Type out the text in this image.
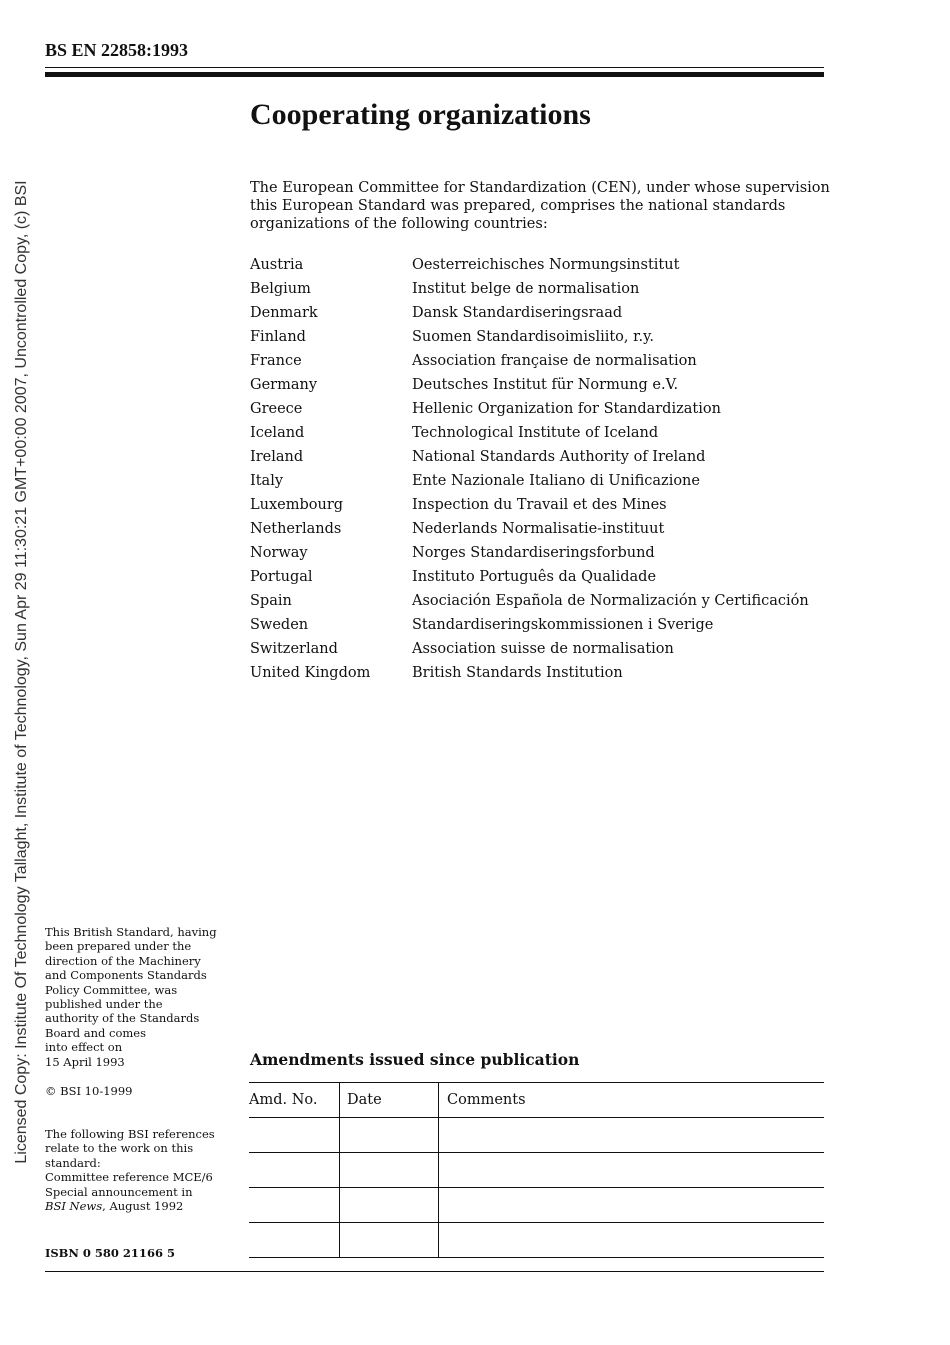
Licensed Copy: Institute Of Technology Tallaght, Institute of Technology, Sun Apr 29 11:30:21 GMT+00:00 2007, Uncontrolled Copy, (c) BSI
BS EN 22858:1993
Cooperating organizations

The European Committee for Standardization (CEN), under whose supervision this European Standard was prepared, comprises the national standards organizations of the following countries:

Austria	Oesterreichisches Normungsinstitut
Belgium	Institut belge de normalisation
Denmark	Dansk Standardiseringsraad
Finland	Suomen Standardisoimisliito, r.y.
France	Association française de normalisation
Germany	Deutsches Institut für Normung e.V.
Greece	Hellenic Organization for Standardization
Iceland	Technological Institute of Iceland
Ireland	National Standards Authority of Ireland
Italy	Ente Nazionale Italiano di Unificazione
Luxembourg	Inspection du Travail et des Mines
Netherlands	Nederlands Normalisatie-instituut
Norway	Norges Standardiseringsforbund
Portugal	Instituto Português da Qualidade
Spain	Asociación Española de Normalización y Certificación
Sweden	Standardiseringskommissionen i Sverige
Switzerland	Association suisse de normalisation
United Kingdom	British Standards Institution
This British Standard, having
been prepared under the
direction of the Machinery
and Components Standards
Policy Committee, was
published under the
authority of the Standards
Board and comes
into effect on
15 April 1993
© BSI 10-1999
The following BSI references
relate to the work on this
standard:
Committee reference MCE/6
Special announcement in
BSI News, August 1992

ISBN 0 580 21166 5

Amendments issued since publication
Amd. No.	Date	Comments
